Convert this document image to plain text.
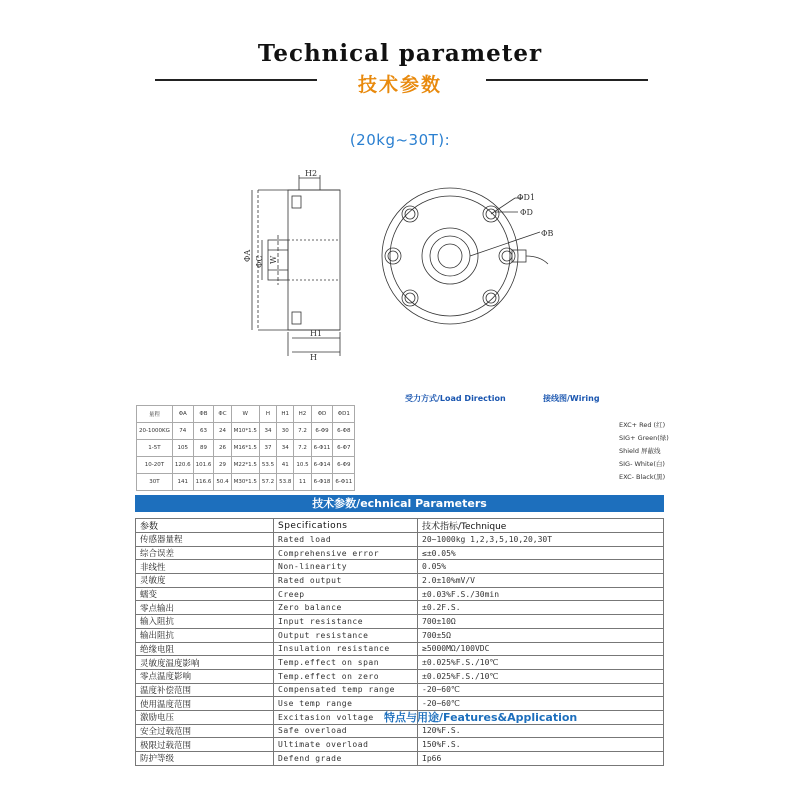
Technical parameter
技术参数
(20kg~30T):
H2
H1
H
ΦA ΦC W
ΦD1
ΦD
ΦB
量程	ΦA	ΦB	ΦC	W	H	H1	H2	ΦD	ΦD1
20-1000KG	74	63	24	M10*1.5	34	30	7.2	6-Φ9	6-Φ8
1-5T	105	89	26	M16*1.5	37	34	7.2	6-Φ11	6-Φ7
10-20T	120.6	101.6	29	M22*1.5	53.5	41	10.5	6-Φ14	6-Φ9
30T	141	116.6	50.4	M30*1.5	57.2	53.8	11	6-Φ18	6-Φ11
受力方式/Load Direction	接线图/Wiring
EXC+ Red (红)
SIG+ Green(绿)
Shield 屏蔽线
SIG- White(白)
EXC- Black(黑)
技术参数/echnical Parameters
参数	Specifications	技术指标/Technique
传感器量程	Rated load	20~1000kg 1,2,3,5,10,20,30T
综合误差	Comprehensive error	≤±0.05%
非线性	Non-linearity	0.05%
灵敏度	Rated output	2.0±10%mV/V
蠕变	Creep	±0.03%F.S./30min
零点输出	Zero balance	±0.2F.S.
输入阻抗	Input resistance	700±10Ω
输出阻抗	Output resistance	700±5Ω
绝缘电阻	Insulation resistance	≥5000MΩ/100VDC
灵敏度温度影响	Temp.effect on span	±0.025%F.S./10℃
零点温度影响	Temp.effect on zero	±0.025%F.S./10℃
温度补偿范围	Compensated temp range	-20~60℃
使用温度范围	Use temp range	-20~60℃
激励电压	Excitasion voltage	
安全过载范围	Safe overload	120%F.S.
极限过载范围	Ultimate overload	150%F.S.
防护等级	Defend grade	Ip66
特点与用途/Features&Application
